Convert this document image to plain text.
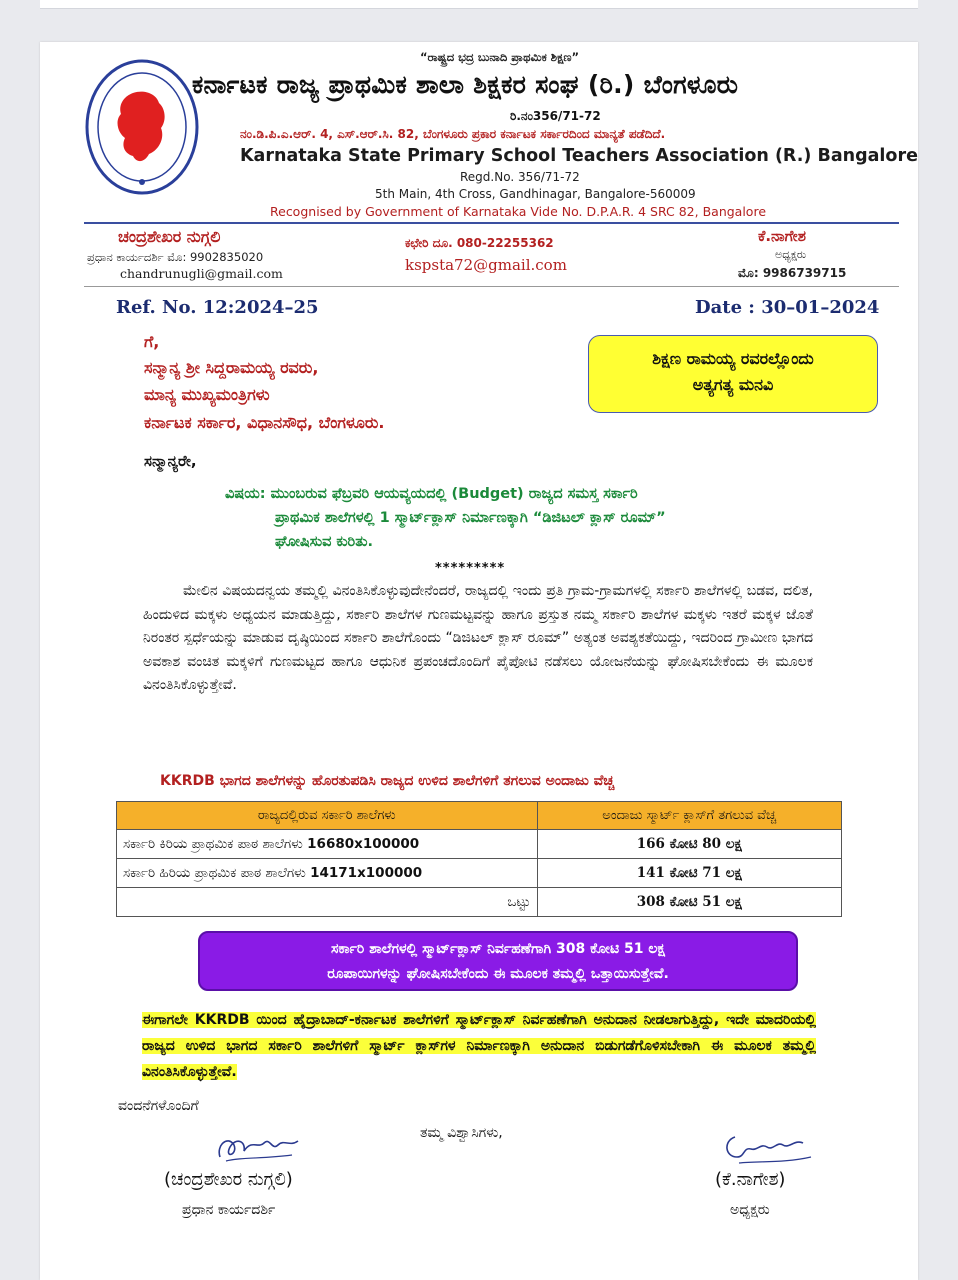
“ರಾಷ್ಟ್ರದ ಭದ್ರ ಬುನಾದಿ ಪ್ರಾಥಮಿಕ ಶಿಕ್ಷಣ”
ಕರ್ನಾಟಕ ರಾಜ್ಯ ಪ್ರಾಥಮಿಕ ಶಾಲಾ ಶಿಕ್ಷಕರ ಸಂಘ (ರಿ.) ಬೆಂಗಳೂರು
ರಿ.ನಂ356/71-72
ನಂ.ಡಿ.ಪಿ.ಎ.ಆರ್. 4, ಎಸ್.ಆರ್.ಸಿ. 82, ಬೆಂಗಳೂರು ಪ್ರಕಾರ ಕರ್ನಾಟಕ ಸರ್ಕಾರದಿಂದ ಮಾನ್ಯತೆ ಪಡೆದಿದೆ.
Karnataka State Primary School Teachers Association (R.) Bangalore
Regd.No. 356/71-72
5th Main, 4th Cross, Gandhinagar, Bangalore-560009
Recognised by Government of Karnataka Vide No. D.P.A.R. 4 SRC 82, Bangalore
ಚಂದ್ರಶೇಖರ ನುಗ್ಗಲಿ
ಪ್ರಧಾನ ಕಾರ್ಯದರ್ಶಿ ಮೊ: 9902835020
chandrunugli@gmail.com
ಕಛೇರಿ ದೂ. 080-22255362
kspsta72@gmail.com
ಕೆ.ನಾಗೇಶ
ಅಧ್ಯಕ್ಷರು
ಮೊ: 9986739715
Ref. No. 12:2024–25	Date : 30–01–2024
ಗೆ,
ಸನ್ಮಾನ್ಯ ಶ್ರೀ ಸಿದ್ದರಾಮಯ್ಯ ರವರು,
ಮಾನ್ಯ ಮುಖ್ಯಮಂತ್ರಿಗಳು
ಕರ್ನಾಟಕ ಸರ್ಕಾರ, ವಿಧಾನಸೌಧ, ಬೆಂಗಳೂರು.
ಶಿಕ್ಷಣ ರಾಮಯ್ಯ ರವರಲ್ಲೊಂದು
ಅತ್ಯಗತ್ಯ ಮನವಿ
ಸನ್ಮಾನ್ಯರೇ,
ವಿಷಯ: ಮುಂಬರುವ ಫೆಬ್ರವರಿ ಆಯವ್ಯಯದಲ್ಲಿ (Budget) ರಾಜ್ಯದ ಸಮಸ್ತ ಸರ್ಕಾರಿ
ಪ್ರಾಥಮಿಕ ಶಾಲೆಗಳಲ್ಲಿ 1 ಸ್ಮಾರ್ಟ್‌ಕ್ಲಾಸ್ ನಿರ್ಮಾಣಕ್ಕಾಗಿ “ಡಿಜಿಟಲ್ ಕ್ಲಾಸ್ ರೂಮ್”
ಘೋಷಿಸುವ ಕುರಿತು.
*********
ಮೇಲಿನ ವಿಷಯದನ್ವಯ ತಮ್ಮಲ್ಲಿ ವಿನಂತಿಸಿಕೊಳ್ಳುವುದೇನೆಂದರೆ, ರಾಜ್ಯದಲ್ಲಿ ಇಂದು ಪ್ರತಿ ಗ್ರಾಮ-ಗ್ರಾಮಗಳಲ್ಲಿ ಸರ್ಕಾರಿ ಶಾಲೆಗಳಲ್ಲಿ ಬಡವ, ದಲಿತ, ಹಿಂದುಳಿದ ಮಕ್ಕಳು ಅಧ್ಯಯನ ಮಾಡುತ್ತಿದ್ದು, ಸರ್ಕಾರಿ ಶಾಲೆಗಳ ಗುಣಮಟ್ಟವನ್ನು ಹಾಗೂ ಪ್ರಸ್ತುತ ನಮ್ಮ ಸರ್ಕಾರಿ ಶಾಲೆಗಳ ಮಕ್ಕಳು ಇತರೆ ಮಕ್ಕಳ ಜೊತೆ ನಿರಂತರ ಸ್ಪರ್ಧೆಯನ್ನು ಮಾಡುವ ದೃಷ್ಠಿಯಿಂದ ಸರ್ಕಾರಿ ಶಾಲೆಗೊಂದು “ಡಿಜಿಟಲ್ ಕ್ಲಾಸ್ ರೂಮ್” ಅತ್ಯಂತ ಅವಶ್ಯಕತೆಯಿದ್ದು, ಇದರಿಂದ ಗ್ರಾಮೀಣ ಭಾಗದ ಅವಕಾಶ ವಂಚಿತ ಮಕ್ಕಳಿಗೆ ಗುಣಮಟ್ಟದ ಹಾಗೂ ಆಧುನಿಕ ಪ್ರಪಂಚದೊಂದಿಗೆ ಪೈಪೋಟಿ ನಡೆಸಲು ಯೋಜನೆಯನ್ನು ಘೋಷಿಸಬೇಕೆಂದು ಈ ಮೂಲಕ ವಿನಂತಿಸಿಕೊಳ್ಳುತ್ತೇವೆ.
KKRDB ಭಾಗದ ಶಾಲೆಗಳನ್ನು ಹೊರತುಪಡಿಸಿ ರಾಜ್ಯದ ಉಳಿದ ಶಾಲೆಗಳಿಗೆ ತಗಲುವ ಅಂದಾಜು ವೆಚ್ಚ
ರಾಜ್ಯದಲ್ಲಿರುವ ಸರ್ಕಾರಿ ಶಾಲೆಗಳು	ಅಂದಾಜು ಸ್ಮಾರ್ಟ್ ಕ್ಲಾಸ್‌ಗೆ ತಗಲುವ ವೆಚ್ಚ
ಸರ್ಕಾರಿ ಕಿರಿಯ ಪ್ರಾಥಮಿಕ ಪಾಠ ಶಾಲೆಗಳು 16680x100000	166 ಕೋಟಿ 80 ಲಕ್ಷ
ಸರ್ಕಾರಿ ಹಿರಿಯ ಪ್ರಾಥಮಿಕ ಪಾಠ ಶಾಲೆಗಳು 14171x100000	141 ಕೋಟಿ 71 ಲಕ್ಷ
ಒಟ್ಟು	308 ಕೋಟಿ 51 ಲಕ್ಷ
ಸರ್ಕಾರಿ ಶಾಲೆಗಳಲ್ಲಿ ಸ್ಮಾರ್ಟ್‌ಕ್ಲಾಸ್ ನಿರ್ವಹಣೆಗಾಗಿ 308 ಕೋಟಿ 51 ಲಕ್ಷ
ರೂಪಾಯಿಗಳನ್ನು ಘೋಷಿಸಬೇಕೆಂದು ಈ ಮೂಲಕ ತಮ್ಮಲ್ಲಿ ಒತ್ತಾಯಿಸುತ್ತೇವೆ.
ಈಗಾಗಲೇ KKRDB ಯಿಂದ ಹೈದ್ರಾಬಾದ್-ಕರ್ನಾಟಕ ಶಾಲೆಗಳಿಗೆ ಸ್ಮಾರ್ಟ್‌ಕ್ಲಾಸ್ ನಿರ್ವಹಣೆಗಾಗಿ ಅನುದಾನ ನೀಡಲಾಗುತ್ತಿದ್ದು, ಇದೇ ಮಾದರಿಯಲ್ಲಿ ರಾಜ್ಯದ ಉಳಿದ ಭಾಗದ ಸರ್ಕಾರಿ ಶಾಲೆಗಳಿಗೆ ಸ್ಮಾರ್ಟ್ ಕ್ಲಾಸ್‌ಗಳ ನಿರ್ಮಾಣಕ್ಕಾಗಿ ಅನುದಾನ ಬಿಡುಗಡೆಗೊಳಿಸಬೇಕಾಗಿ ಈ ಮೂಲಕ ತಮ್ಮಲ್ಲಿ ವಿನಂತಿಸಿಕೊಳ್ಳುತ್ತೇವೆ.
ವಂದನೆಗಳೊಂದಿಗೆ
ತಮ್ಮ ವಿಶ್ವಾಸಿಗಳು,
(ಚಂದ್ರಶೇಖರ ನುಗ್ಗಲಿ)
ಪ್ರಧಾನ ಕಾರ್ಯದರ್ಶಿ
(ಕೆ.ನಾಗೇಶ)
ಅಧ್ಯಕ್ಷರು
